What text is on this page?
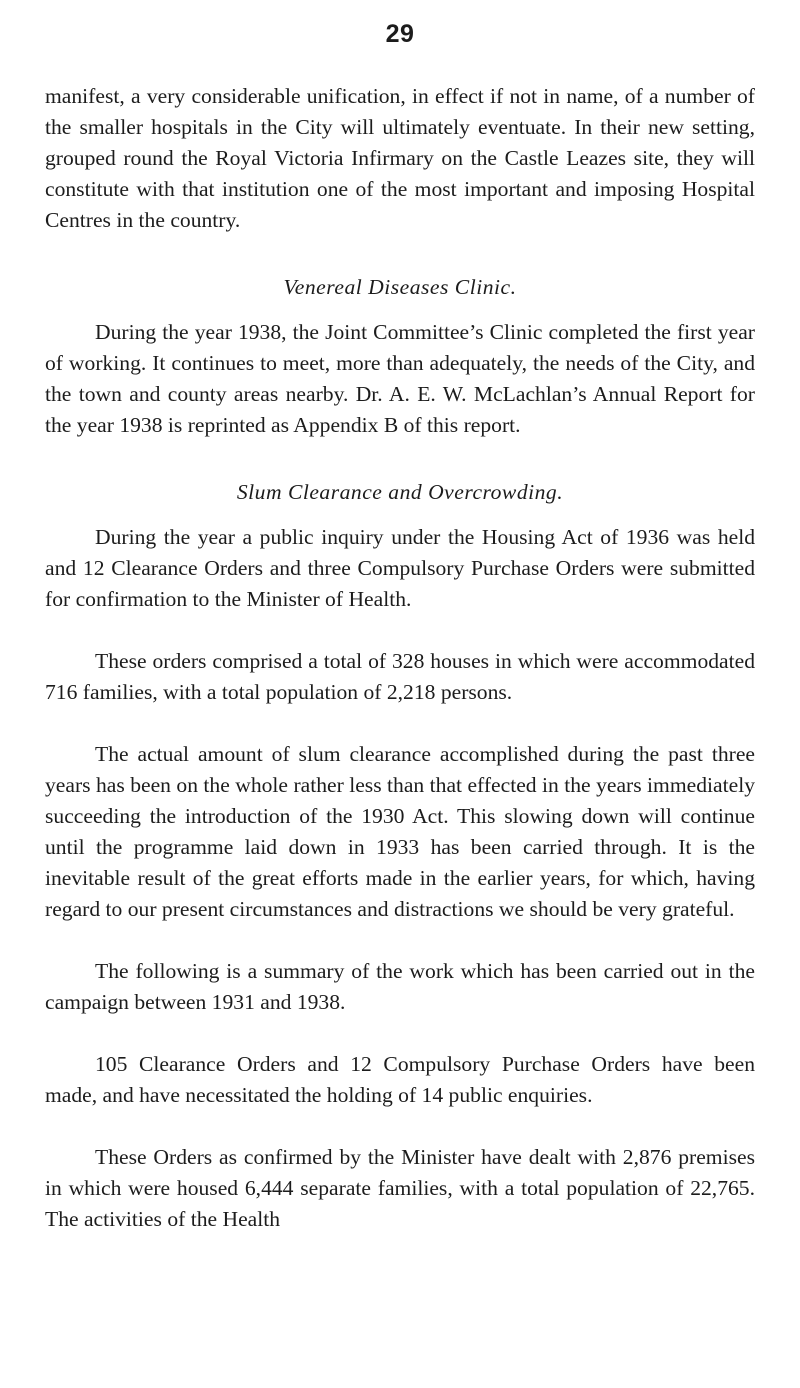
29

manifest, a very considerable unification, in effect if not in name, of a number of the smaller hospitals in the City will ultimately eventuate. In their new setting, grouped round the Royal Victoria Infirmary on the Castle Leazes site, they will constitute with that institution one of the most important and imposing Hospital Centres in the country.

Venereal Diseases Clinic.

During the year 1938, the Joint Committee’s Clinic completed the first year of working. It continues to meet, more than adequately, the needs of the City, and the town and county areas nearby. Dr. A. E. W. McLachlan’s Annual Report for the year 1938 is reprinted as Appendix B of this report.

Slum Clearance and Overcrowding.

During the year a public inquiry under the Housing Act of 1936 was held and 12 Clearance Orders and three Compulsory Purchase Orders were submitted for confirmation to the Minister of Health.

These orders comprised a total of 328 houses in which were accommodated 716 families, with a total population of 2,218 persons.

The actual amount of slum clearance accomplished during the past three years has been on the whole rather less than that effected in the years immediately succeeding the introduction of the 1930 Act. This slowing down will continue until the programme laid down in 1933 has been carried through. It is the inevitable result of the great efforts made in the earlier years, for which, having regard to our present circumstances and distractions we should be very grateful.

The following is a summary of the work which has been carried out in the campaign between 1931 and 1938.

105 Clearance Orders and 12 Compulsory Purchase Orders have been made, and have necessitated the holding of 14 public enquiries.

These Orders as confirmed by the Minister have dealt with 2,876 premises in which were housed 6,444 separate families, with a total population of 22,765. The activities of the Health
